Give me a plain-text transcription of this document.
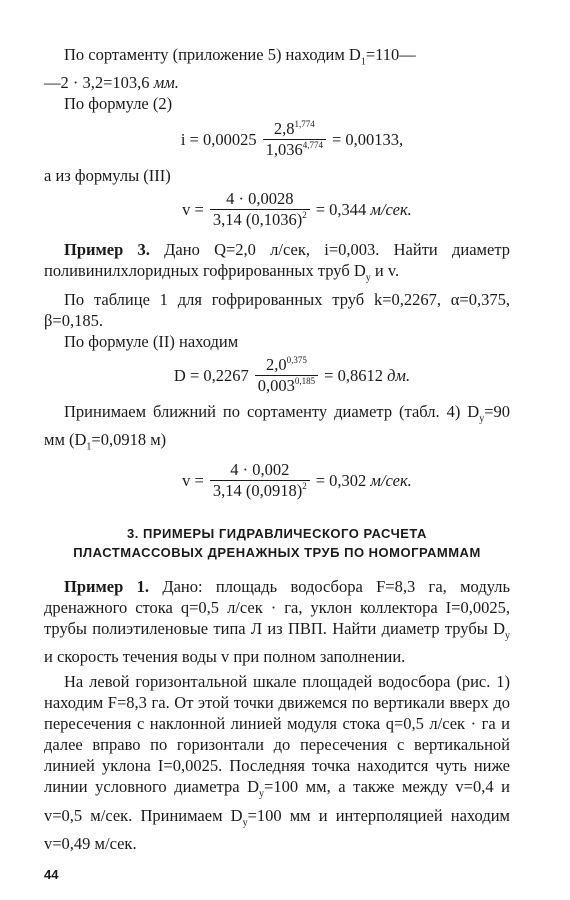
По сортаменту (приложение 5) находим $D_1=110—$
—2 · 3,2=103,6 мм.

По формуле (2)

$i = 0,00025 \frac{2,8^{1,774}}{1,036^{4,774}} = 0,00133$,

а из формулы (III)

$v = \frac{4 \cdot 0,0028}{3,14 (0,1036)^2} = 0,344$
м/сек.

Пример 3. Дано Q=2,0 л/сек, i=0,003. Найти диаметр поливинилхлоридных гофрированных труб $D_у$ и v.

По таблице 1 для гофрированных труб k=0,2267, α=0,375, β=0,185.

По формуле (II) находим

$D = 0,2267 \frac{2,0^{0,375}}{0,003^{0,185}} = 0,8612$
дм.

Принимаем ближний по сортаменту диаметр (табл. 4) $D_у=90$ мм ($D_1=0,0918$ м)

$v = \frac{4 \cdot 0,002}{3,14 (0,0918)^2} = 0,302$
м/сек.
3. ПРИМЕРЫ ГИДРАВЛИЧЕСКОГО РАСЧЕТА
ПЛАСТМАССОВЫХ ДРЕНАЖНЫХ ТРУБ ПО НОМОГРАММАМ

Пример 1. Дано: площадь водосбора F=8,3 га, модуль дренажного стока q=0,5 л/сек · га, уклон коллектора I=0,0025, трубы полиэтиленовые типа Л из ПВП. Найти диаметр трубы $D_у$ и скорость течения воды v при полном заполнении.

На левой горизонтальной шкале площадей водосбора (рис. 1) находим F=8,3 га. От этой точки движемся по вертикали вверх до пересечения с наклонной линией модуля стока q=0,5 л/сек · га и далее вправо по горизонтали до пересечения с вертикальной линией уклона I=0,0025. Последняя точка находится чуть ниже линии условного диаметра $D_у=100$ мм, а также между v=0,4 и v=0,5 м/сек. Принимаем $D_у=100$ мм и интерполяцией находим v=0,49 м/сек.

44
